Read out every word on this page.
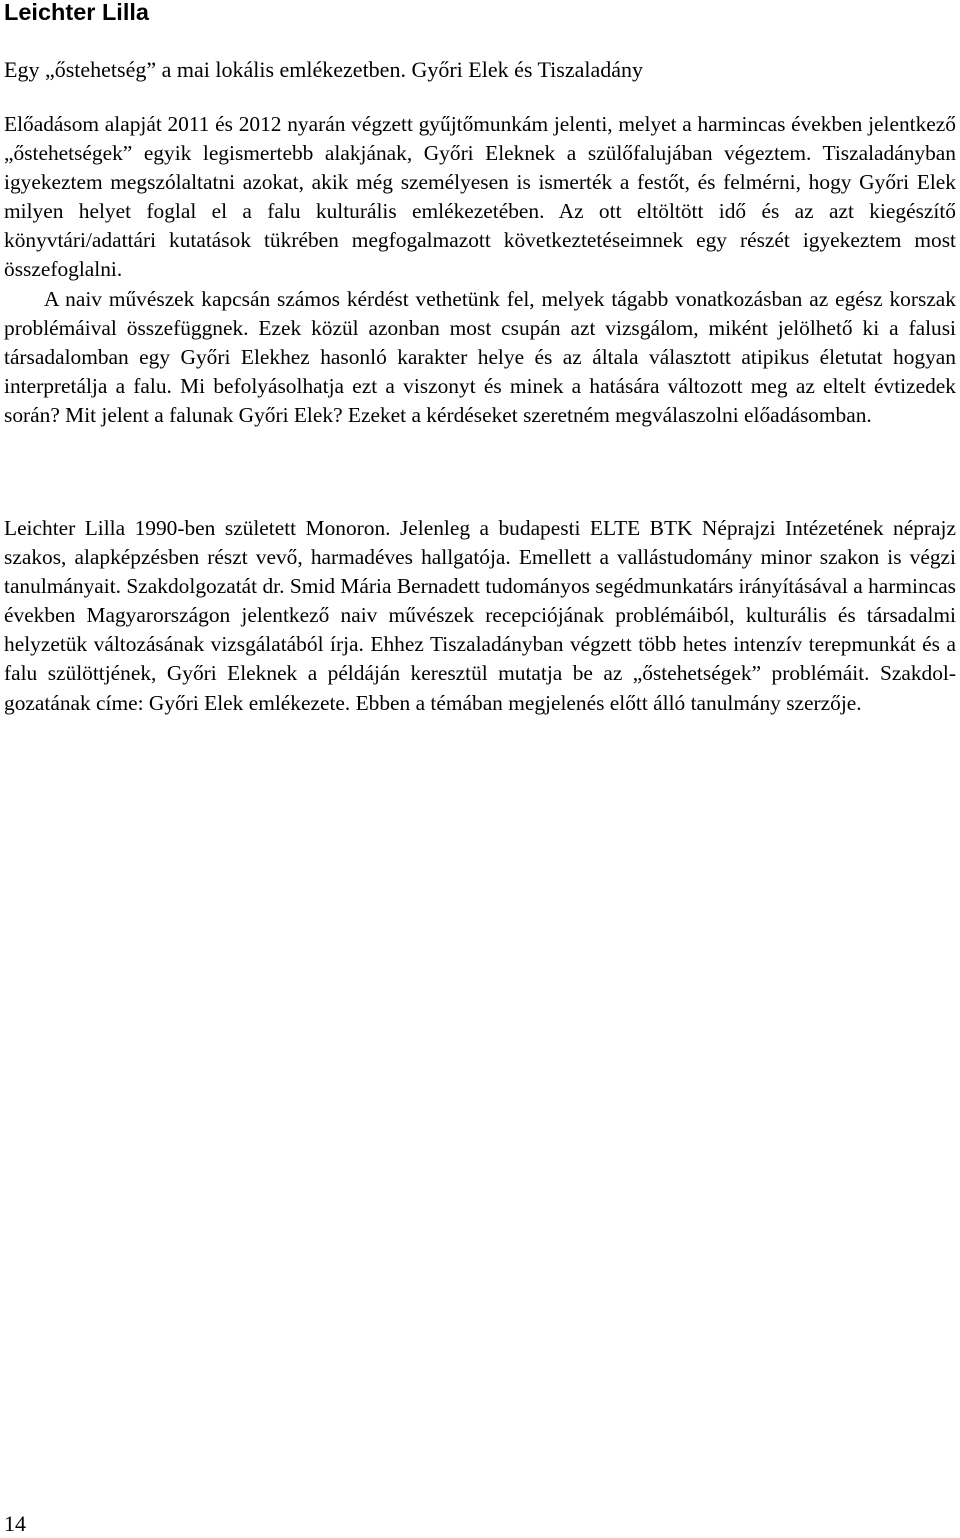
Leichter Lilla

Egy „őstehetség” a mai lokális emlékezetben. Győri Elek és Tiszaladány

Előadásom alapját 2011 és 2012 nyarán végzett gyűjtőmunkám jelenti, melyet a harmincas években jelentkező „őstehetségek” egyik legismertebb alakjának, Győri Eleknek a szülőfalujában végeztem. Tiszaladányban igyekeztem megszólaltatni azokat, akik még személyesen is ismerték a festőt, és felmérni, hogy Győri Elek milyen helyet foglal el a falu kulturális emlékezetében. Az ott eltöltött idő és az azt kiegészítő könyvtári/adattári kutatások tükrében megfogalmazott következtetéseimnek egy részét igyekeztem most összefoglalni.

A naiv művészek kapcsán számos kérdést vethetünk fel, melyek tágabb vonatkozásban az egész korszak problémáival összefüggnek. Ezek közül azonban most csupán azt vizsgálom, miként jelölhető ki a falusi társadalomban egy Győri Elekhez hasonló karakter helye és az általa választott atipikus életutat hogyan interpretálja a falu. Mi befolyásolhatja ezt a viszonyt és minek a hatására változott meg az eltelt évtizedek során? Mit jelent a falunak Győri Elek? Ezeket a kérdéseket szeretném megválaszolni előadásomban.

Leichter Lilla 1990-ben született Monoron. Jelenleg a budapesti ELTE BTK Néprajzi Intézetének néprajz szakos, alapképzésben részt vevő, harmadéves hallgatója. Emellett a vallástudomány minor szakon is végzi tanulmányait. Szakdolgozatát dr. Smid Mária Bernadett tudományos segédmunkatárs irányításával a harmincas években Magyarországon jelentkező naiv művészek recepciójának problémáiból, kulturális és társadalmi helyzetük változásának vizsgálatából írja. Ehhez Tiszaladányban végzett több hetes intenzív terepmunkát és a falu szülöttjének, Győri Eleknek a példáján keresztül mutatja be az „őstehetségek” problémáit. Szakdolgozatának címe: Győri Elek emlékezete. Ebben a témában megjelenés előtt álló tanulmány szerzője.

14
